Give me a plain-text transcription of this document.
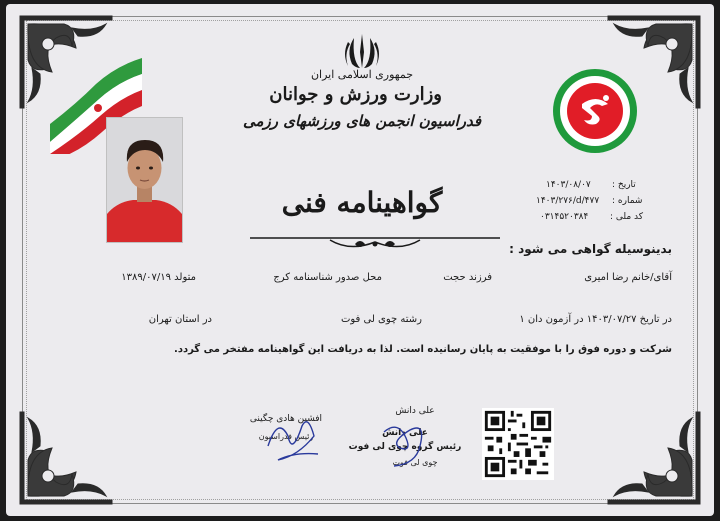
جمهوری اسلامی ایران
وزارت ورزش و جوانان
فدراسیون انجمن های ورزشهای رزمی
گواهینامه فنی
تاریخ :
۱۴۰۳/۰۸/۰۷
شماره :
۱۴۰۳/۲۷۶/d/۴۷۷
کد ملی :
۰۳۱۴۵۲۰۳۸۴
بدینوسیله گواهی می شود :
آقای/خانم رضا امیری
فرزند حجت
محل صدور شناسنامه کرج
متولد ۱۳۸۹/۰۷/۱۹
در تاریخ ۱۴۰۳/۰۷/۲۷ در آزمون دان ۱
رشته چوی لی فوت
در استان تهران
شرکت و دوره فوق را با موفقیت به پایان رسانیده است. لذا به دریافت این گواهینامه مفتخر می گردد.
افشین هادی چگینی
رئیس فدراسیون
علی دانش
علی دانش
رئیس گروه چوی لی فوت
چوی لی فوت
